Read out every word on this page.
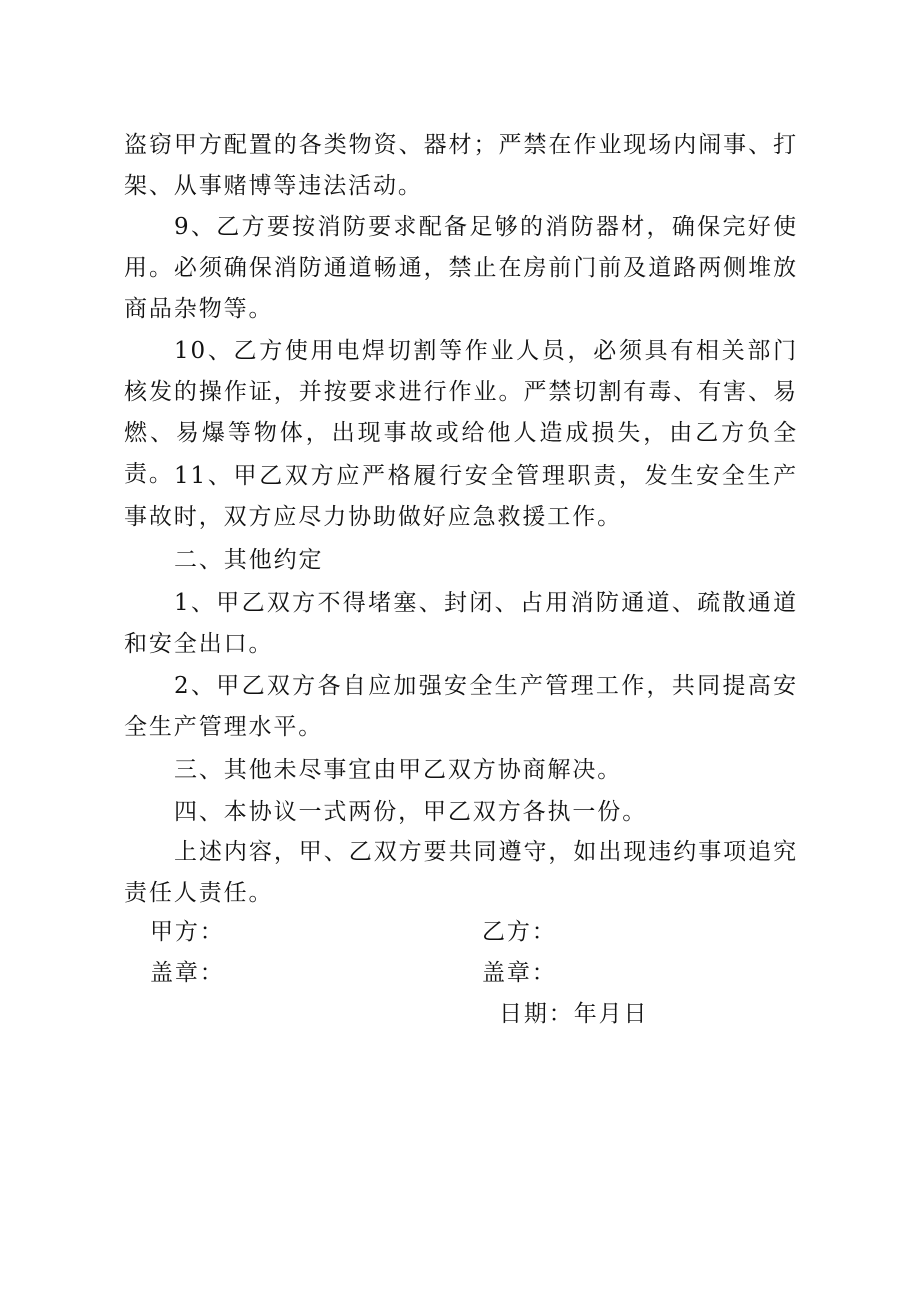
盗窃甲方配置的各类物资、器材；严禁在作业现场内闹事、打架、从事赌博等违法活动。

9、乙方要按消防要求配备足够的消防器材，确保完好使用。必须确保消防通道畅通，禁止在房前门前及道路两侧堆放商品杂物等。

10、乙方使用电焊切割等作业人员，必须具有相关部门核发的操作证，并按要求进行作业。严禁切割有毒、有害、易燃、易爆等物体，出现事故或给他人造成损失，由乙方负全责。 11、甲乙双方应严格履行安全管理职责，发生安全生产事故时，双方应尽力协助做好应急救援工作。

二、其他约定

1、甲乙双方不得堵塞、封闭、占用消防通道、疏散通道和安全出口。

2、甲乙双方各自应加强安全生产管理工作，共同提高安全生产管理水平。

三、其他未尽事宜由甲乙双方协商解决。

四、本协议一式两份，甲乙双方各执一份。

上述内容，甲、乙双方要共同遵守，如出现违约事项追究责任人责任。

甲方：	乙方：
盖章：	盖章：
日期：年月日
